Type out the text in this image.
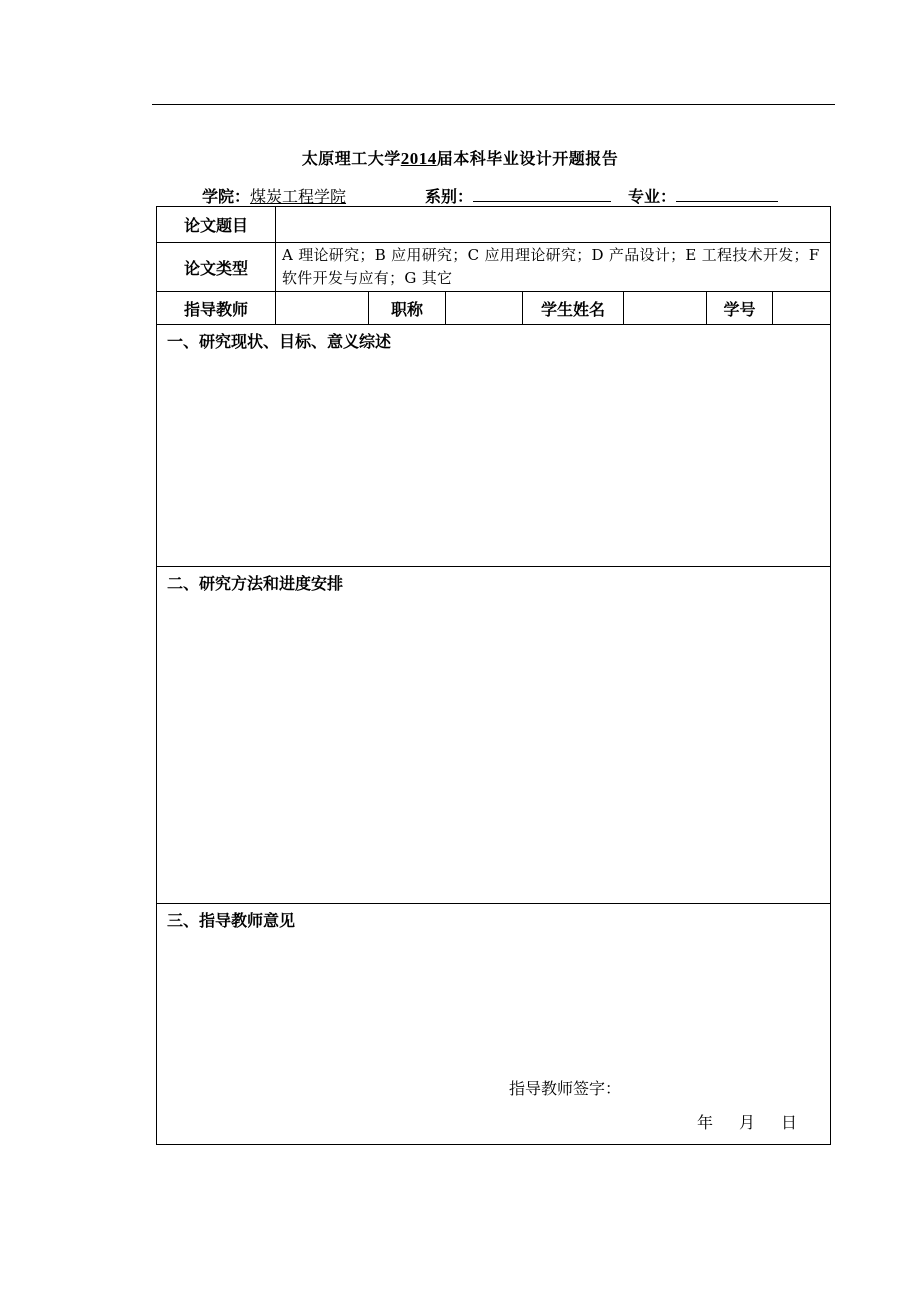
太原理工大学2014届本科毕业设计开题报告
学院：煤炭工程学院	系别：	专业：
论文题目							
论文类型	A 理论研究；B 应用研究；C 应用理论研究；D 产品设计；E 工程技术开发；F 软件开发与应有；G 其它						
指导教师		职称		学生姓名		学号	

一、研究现状、目标、意义综述							

二、研究方法和进度安排							

三、指导教师意见
指导教师签字：
年 月 日							
